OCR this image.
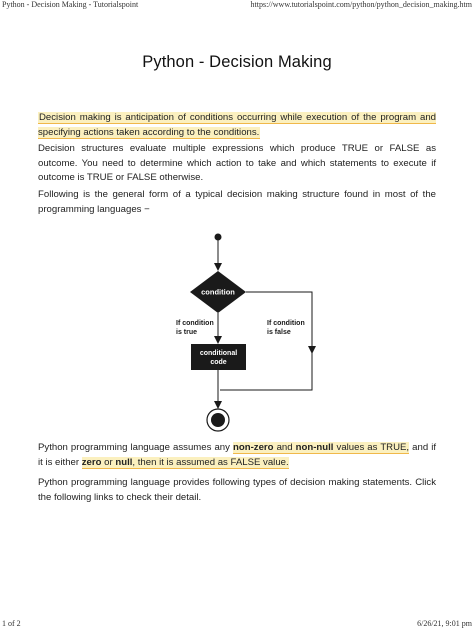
Python - Decision Making - Tutorialspoint	https://www.tutorialspoint.com/python/python_decision_making.htm
Python - Decision Making
Decision making is anticipation of conditions occurring while execution of the program and specifying actions taken according to the conditions.
Decision structures evaluate multiple expressions which produce TRUE or FALSE as outcome. You need to determine which action to take and which statements to execute if outcome is TRUE or FALSE otherwise.
Following is the general form of a typical decision making structure found in most of the programming languages −
condition
If condition
is true
If condition
is false
conditional
code
Python programming language assumes any non-zero and non-null values as TRUE, and if it is either zero or null, then it is assumed as FALSE value.
Python programming language provides following types of decision making statements. Click the following links to check their detail.
1 of 2	6/26/21, 9:01 pm
